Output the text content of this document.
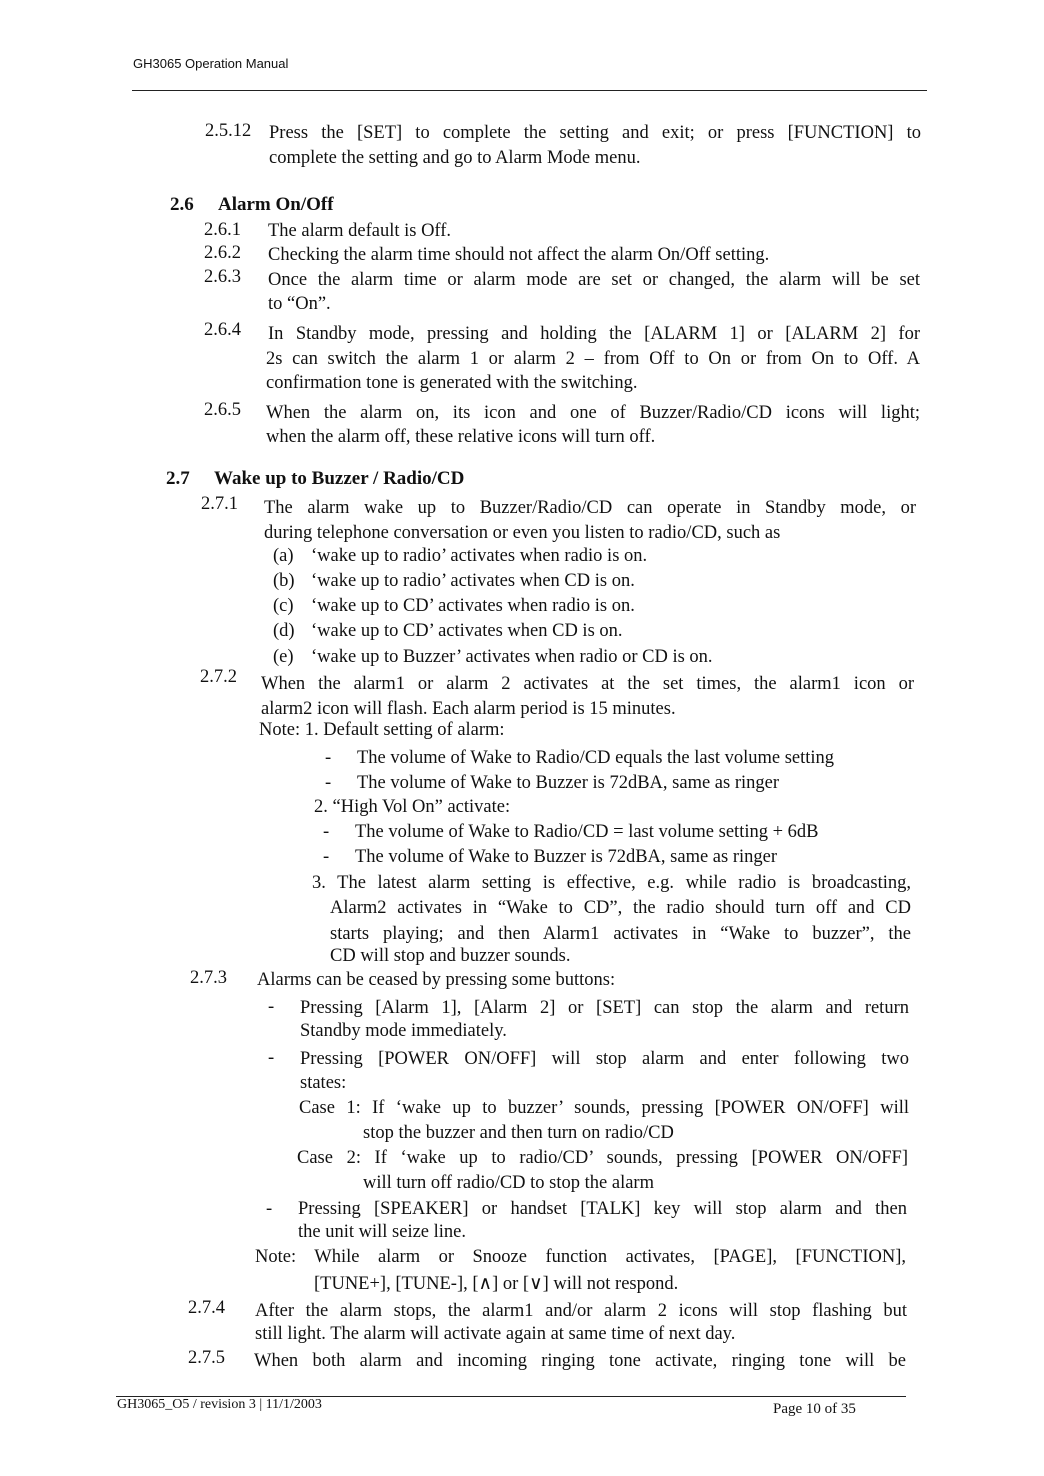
GH3065 Operation Manual
2.5.12 Press the [SET] to complete the setting and exit; or press [FUNCTION] to
complete the setting and go to Alarm Mode menu.
2.6 Alarm On/Off
2.6.1 The alarm default is Off.
2.6.2 Checking the alarm time should not affect the alarm On/Off setting.
2.6.3 Once the alarm time or alarm mode are set or changed, the alarm will be set
to “On”.
2.6.4 In Standby mode, pressing and holding the [ALARM 1] or [ALARM 2] for
2s can switch the alarm 1 or alarm 2 – from Off to On or from On to Off. A
confirmation tone is generated with the switching.
2.6.5 When the alarm on, its icon and one of Buzzer/Radio/CD icons will light;
when the alarm off, these relative icons will turn off.
2.7 Wake up to Buzzer / Radio/CD
2.7.1 The alarm wake up to Buzzer/Radio/CD can operate in Standby mode, or
during telephone conversation or even you listen to radio/CD, such as
(a) ‘wake up to radio’ activates when radio is on.
(b) ‘wake up to radio’ activates when CD is on.
(c) ‘wake up to CD’ activates when radio is on.
(d) ‘wake up to CD’ activates when CD is on.
(e) ‘wake up to Buzzer’ activates when radio or CD is on.
2.7.2 When the alarm1 or alarm 2 activates at the set times, the alarm1 icon or
alarm2 icon will flash. Each alarm period is 15 minutes.
Note: 1. Default setting of alarm:
- The volume of Wake to Radio/CD equals the last volume setting
- The volume of Wake to Buzzer is 72dBA, same as ringer
2. “High Vol On” activate:
- The volume of Wake to Radio/CD = last volume setting + 6dB
- The volume of Wake to Buzzer is 72dBA, same as ringer
3. The latest alarm setting is effective, e.g. while radio is broadcasting,
Alarm2 activates in “Wake to CD”, the radio should turn off and CD
starts playing; and then Alarm1 activates in “Wake to buzzer”, the
CD will stop and buzzer sounds.
2.7.3 Alarms can be ceased by pressing some buttons:
- Pressing [Alarm 1], [Alarm 2] or [SET] can stop the alarm and return
Standby mode immediately.
- Pressing [POWER ON/OFF] will stop alarm and enter following two
states:
Case 1: If ‘wake up to buzzer’ sounds, pressing [POWER ON/OFF] will
stop the buzzer and then turn on radio/CD
Case 2: If ‘wake up to radio/CD’ sounds, pressing [POWER ON/OFF]
will turn off radio/CD to stop the alarm
- Pressing [SPEAKER] or handset [TALK] key will stop alarm and then
the unit will seize line.
Note: While alarm or Snooze function activates, [PAGE], [FUNCTION],
[TUNE+], [TUNE-], [∧] or [∨] will not respond.
2.7.4 After the alarm stops, the alarm1 and/or alarm 2 icons will stop flashing but
still light. The alarm will activate again at same time of next day.
2.7.5 When both alarm and incoming ringing tone activate, ringing tone will be
GH3065_O5 / revision 3 | 11/1/2003	Page 10 of 35
